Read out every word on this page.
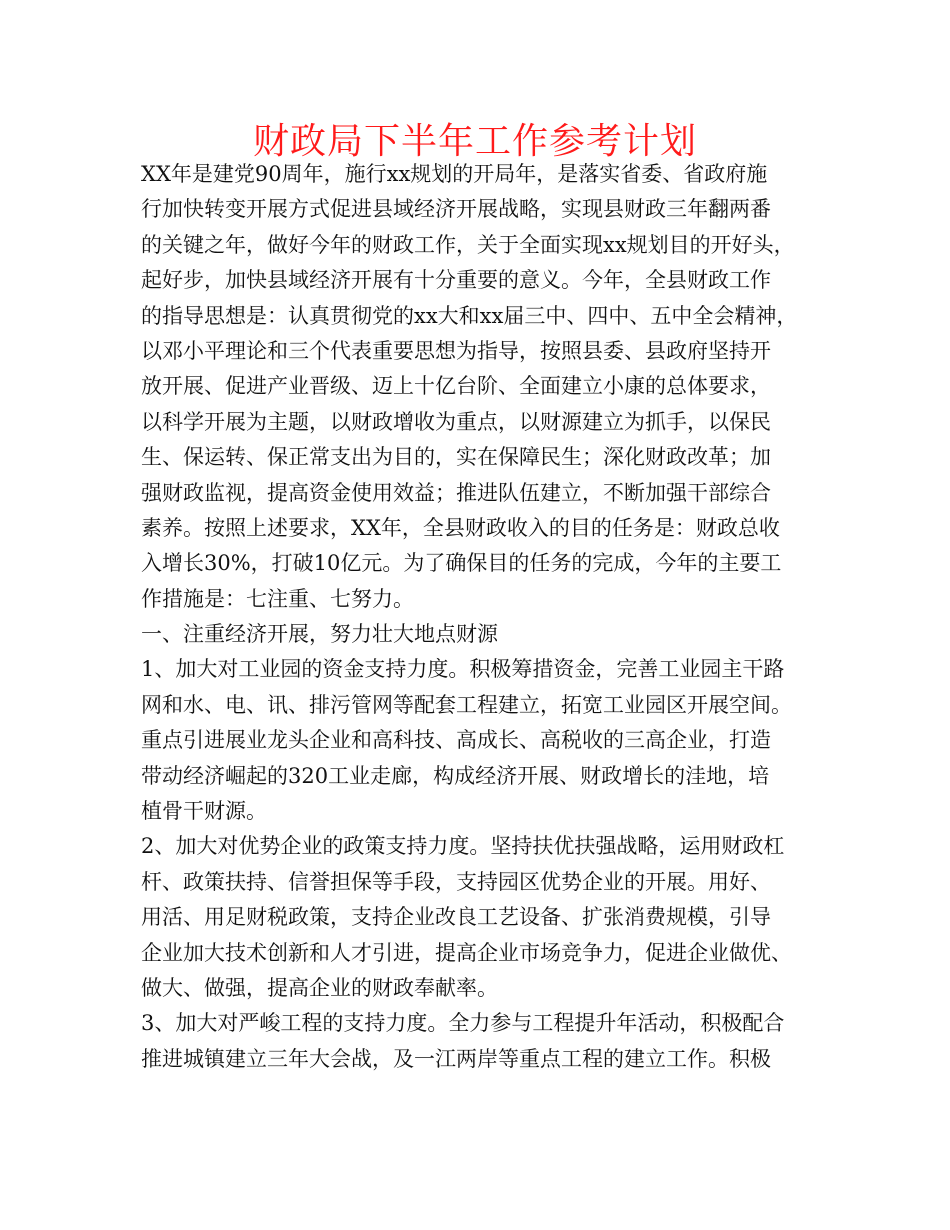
财政局下半年工作参考计划
XX年是建党90周年，施行xx规划的开局年，是落实省委、省政府施
行加快转变开展方式促进县域经济开展战略，实现县财政三年翻两番
的关键之年，做好今年的财政工作，关于全面实现xx规划目的开好头，
起好步，加快县域经济开展有十分重要的意义。今年，全县财政工作
的指导思想是：认真贯彻党的xx大和xx届三中、四中、五中全会精神，
以邓小平理论和三个代表重要思想为指导，按照县委、县政府坚持开
放开展、促进产业晋级、迈上十亿台阶、全面建立小康的总体要求，
以科学开展为主题，以财政增收为重点，以财源建立为抓手，以保民
生、保运转、保正常支出为目的，实在保障民生；深化财政改革；加
强财政监视，提高资金使用效益；推进队伍建立，不断加强干部综合
素养。按照上述要求，XX年，全县财政收入的目的任务是：财政总收
入增长30%，打破10亿元。为了确保目的任务的完成，今年的主要工
作措施是：七注重、七努力。
一、注重经济开展，努力壮大地点财源
1、加大对工业园的资金支持力度。积极筹措资金，完善工业园主干路
网和水、电、讯、排污管网等配套工程建立，拓宽工业园区开展空间。
重点引进展业龙头企业和高科技、高成长、高税收的三高企业，打造
带动经济崛起的320工业走廊，构成经济开展、财政增长的洼地，培
植骨干财源。
2、加大对优势企业的政策支持力度。坚持扶优扶强战略，运用财政杠
杆、政策扶持、信誉担保等手段，支持园区优势企业的开展。用好、
用活、用足财税政策，支持企业改良工艺设备、扩张消费规模，引导
企业加大技术创新和人才引进，提高企业市场竞争力，促进企业做优、
做大、做强，提高企业的财政奉献率。
3、加大对严峻工程的支持力度。全力参与工程提升年活动，积极配合
推进城镇建立三年大会战，及一江两岸等重点工程的建立工作。积极
